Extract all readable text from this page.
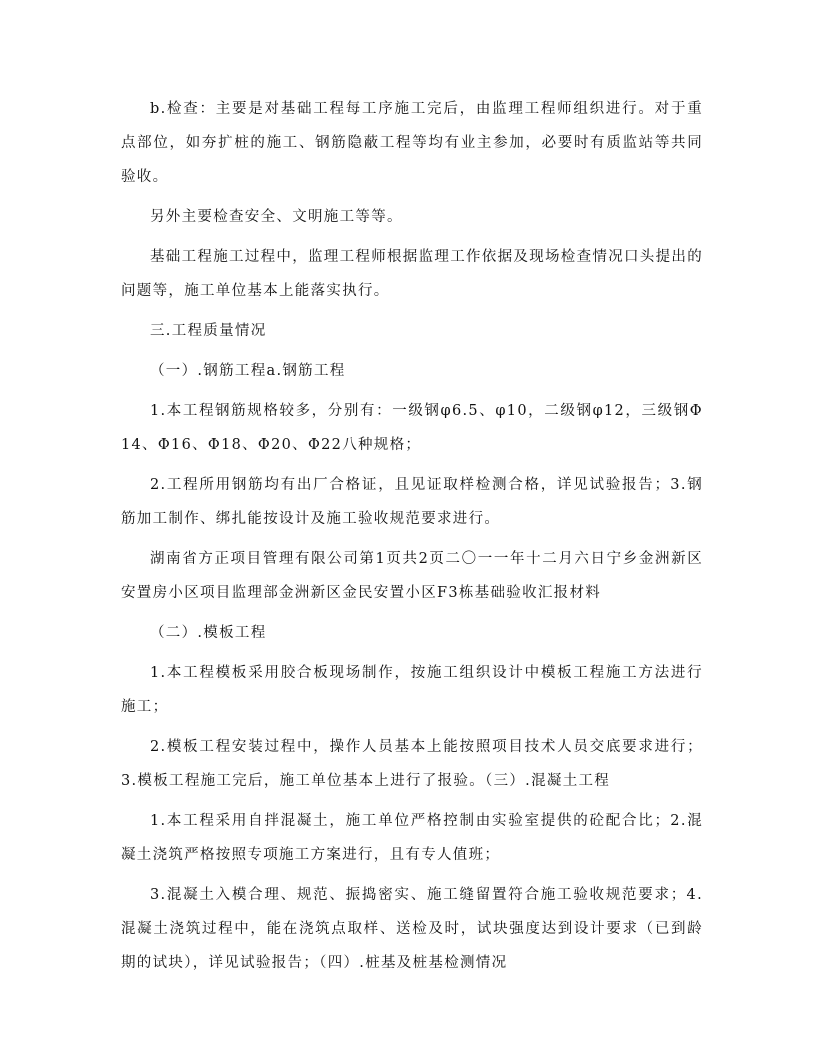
b.检查：主要是对基础工程每工序施工完后，由监理工程师组织进行。对于重点部位，如夯扩桩的施工、钢筋隐蔽工程等均有业主参加，必要时有质监站等共同验收。

另外主要检查安全、文明施工等等。

基础工程施工过程中，监理工程师根据监理工作依据及现场检查情况口头提出的问题等，施工单位基本上能落实执行。

三.工程质量情况

（一）.钢筋工程a.钢筋工程

1.本工程钢筋规格较多，分别有：一级钢φ6.5、φ10，二级钢φ12，三级钢Φ14、Φ16、Φ18、Φ20、Φ22八种规格；

2.工程所用钢筋均有出厂合格证，且见证取样检测合格，详见试验报告；3.钢筋加工制作、绑扎能按设计及施工验收规范要求进行。

湖南省方正项目管理有限公司第1页共2页二〇一一年十二月六日宁乡金洲新区安置房小区项目监理部金洲新区金民安置小区F3栋基础验收汇报材料

（二）.模板工程

1.本工程模板采用胶合板现场制作，按施工组织设计中模板工程施工方法进行施工；

2.模板工程安装过程中，操作人员基本上能按照项目技术人员交底要求进行；3.模板工程施工完后，施工单位基本上进行了报验。（三）.混凝土工程

1.本工程采用自拌混凝土，施工单位严格控制由实验室提供的砼配合比；2.混凝土浇筑严格按照专项施工方案进行，且有专人值班；

3.混凝土入模合理、规范、振捣密实、施工缝留置符合施工验收规范要求；4.混凝土浇筑过程中，能在浇筑点取样、送检及时，试块强度达到设计要求（已到龄期的试块），详见试验报告；（四）.桩基及桩基检测情况
